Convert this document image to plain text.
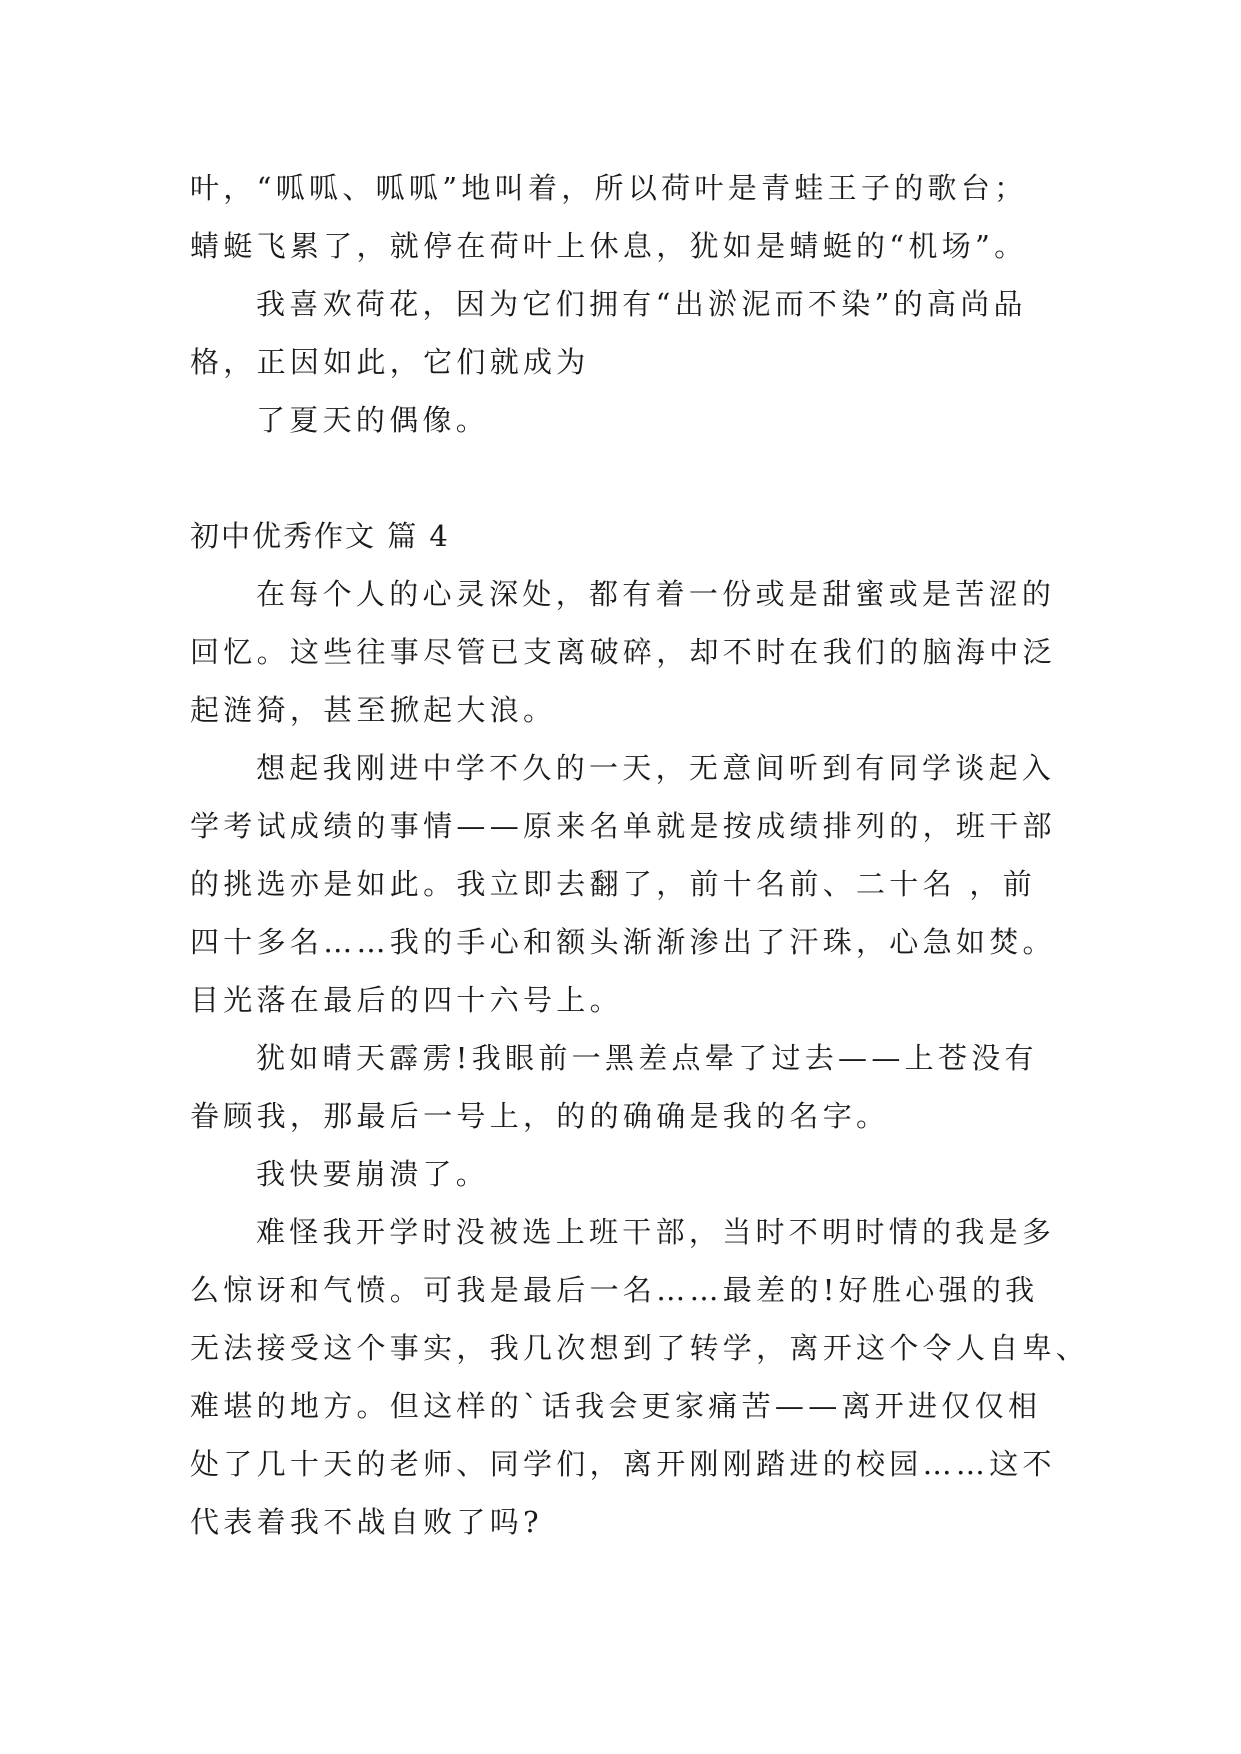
叶，“呱呱、呱呱”地叫着，所以荷叶是青蛙王子的歌台；
蜻蜓飞累了，就停在荷叶上休息，犹如是蜻蜓的“机场”。
我喜欢荷花，因为它们拥有“出淤泥而不染”的高尚品
格，正因如此，它们就成为
了夏天的偶像。
初中优秀作文 篇 4
在每个人的心灵深处，都有着一份或是甜蜜或是苦涩的
回忆。这些往事尽管已支离破碎，却不时在我们的脑海中泛
起涟猗，甚至掀起大浪。
想起我刚进中学不久的一天，无意间听到有同学谈起入
学考试成绩的事情——原来名单就是按成绩排列的，班干部
的挑选亦是如此。我立即去翻了，前十名前、二十名 ，前
四十多名……我的手心和额头渐渐渗出了汗珠，心急如焚。
目光落在最后的四十六号上。
犹如晴天霹雳!我眼前一黑差点晕了过去——上苍没有
眷顾我，那最后一号上，的的确确是我的名字。
我快要崩溃了。
难怪我开学时没被选上班干部，当时不明时情的我是多
么惊讶和气愤。可我是最后一名……最差的!好胜心强的我
无法接受这个事实，我几次想到了转学，离开这个令人自卑、
难堪的地方。但这样的`话我会更家痛苦——离开进仅仅相
处了几十天的老师、同学们，离开刚刚踏进的校园……这不
代表着我不战自败了吗?
